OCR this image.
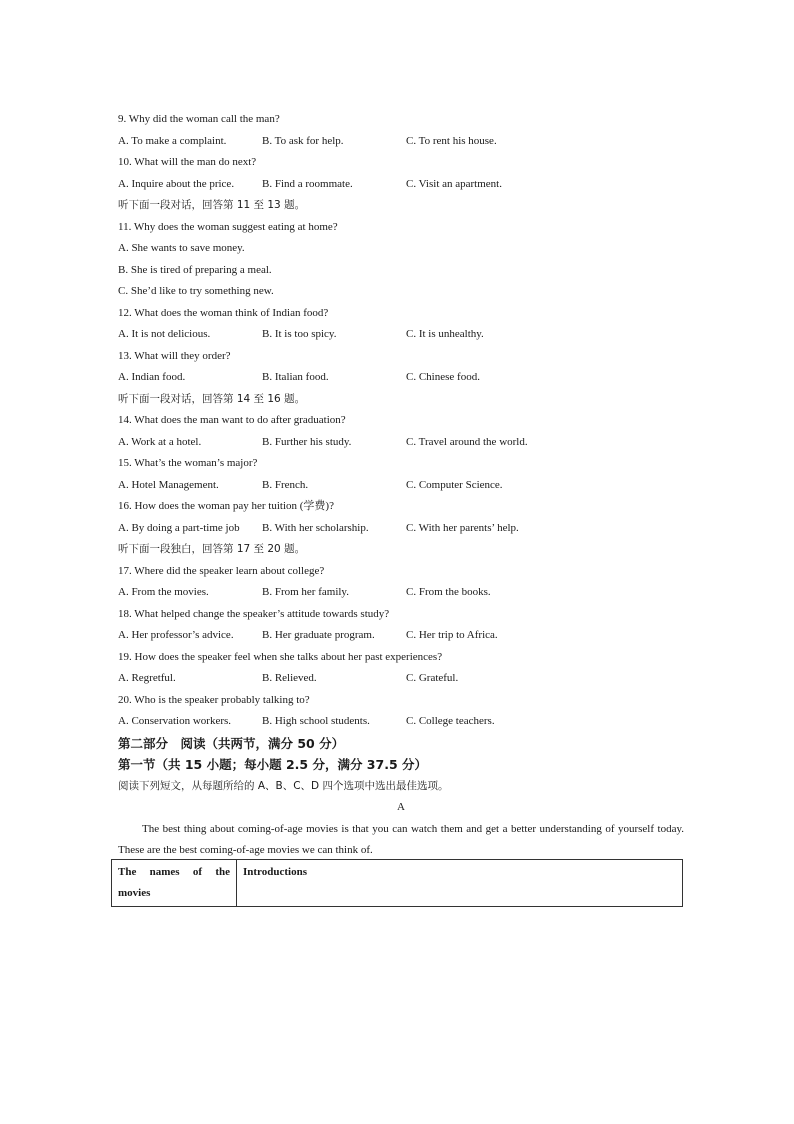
9. Why did the woman call the man?
A. To make a complaint.	B. To ask for help.	C. To rent his house.
10. What will the man do next?
A. Inquire about the price.	B. Find a roommate.	C. Visit an apartment.
听下面一段对话，回答第 11 至 13 题。
11. Why does the woman suggest eating at home?
A. She wants to save money.
B. She is tired of preparing a meal.
C. She’d like to try something new.
12. What does the woman think of Indian food?
A. It is not delicious.	B. It is too spicy.	C. It is unhealthy.
13. What will they order?
A. Indian food.	B. Italian food.	C. Chinese food.
听下面一段对话，回答第 14 至 16 题。
14. What does the man want to do after graduation?
A. Work at a hotel.	B. Further his study.	C. Travel around the world.
15. What’s the woman’s major?
A. Hotel Management.	B. French.	C. Computer Science.
16. How does the woman pay her tuition (学费)?
A. By doing a part-time job B. With her scholarship.	C. With her parents’ help.
听下面一段独白，回答第 17 至 20 题。
17. Where did the speaker learn about college?
A. From the movies.	B. From her family.	C. From the books.
18. What helped change the speaker’s attitude towards study?
A. Her professor’s advice.	B. Her graduate program.	C. Her trip to Africa.
19. How does the speaker feel when she talks about her past experiences?
A. Regretful.	B. Relieved.	C. Grateful.
20. Who is the speaker probably talking to?
A. Conservation workers.	B. High school students.	C. College teachers.
第二部分　阅读（共两节，满分 50 分）
第一节（共 15 小题；每小题 2.5 分，满分 37.5 分）
阅读下列短文，从每题所给的 A、B、C、D 四个选项中选出最佳选项。
A
The best thing about coming-of-age movies is that you can watch them and get a better understanding of yourself today. These are the best coming-of-age movies we can think of.
The names of the
movies	Introductions
